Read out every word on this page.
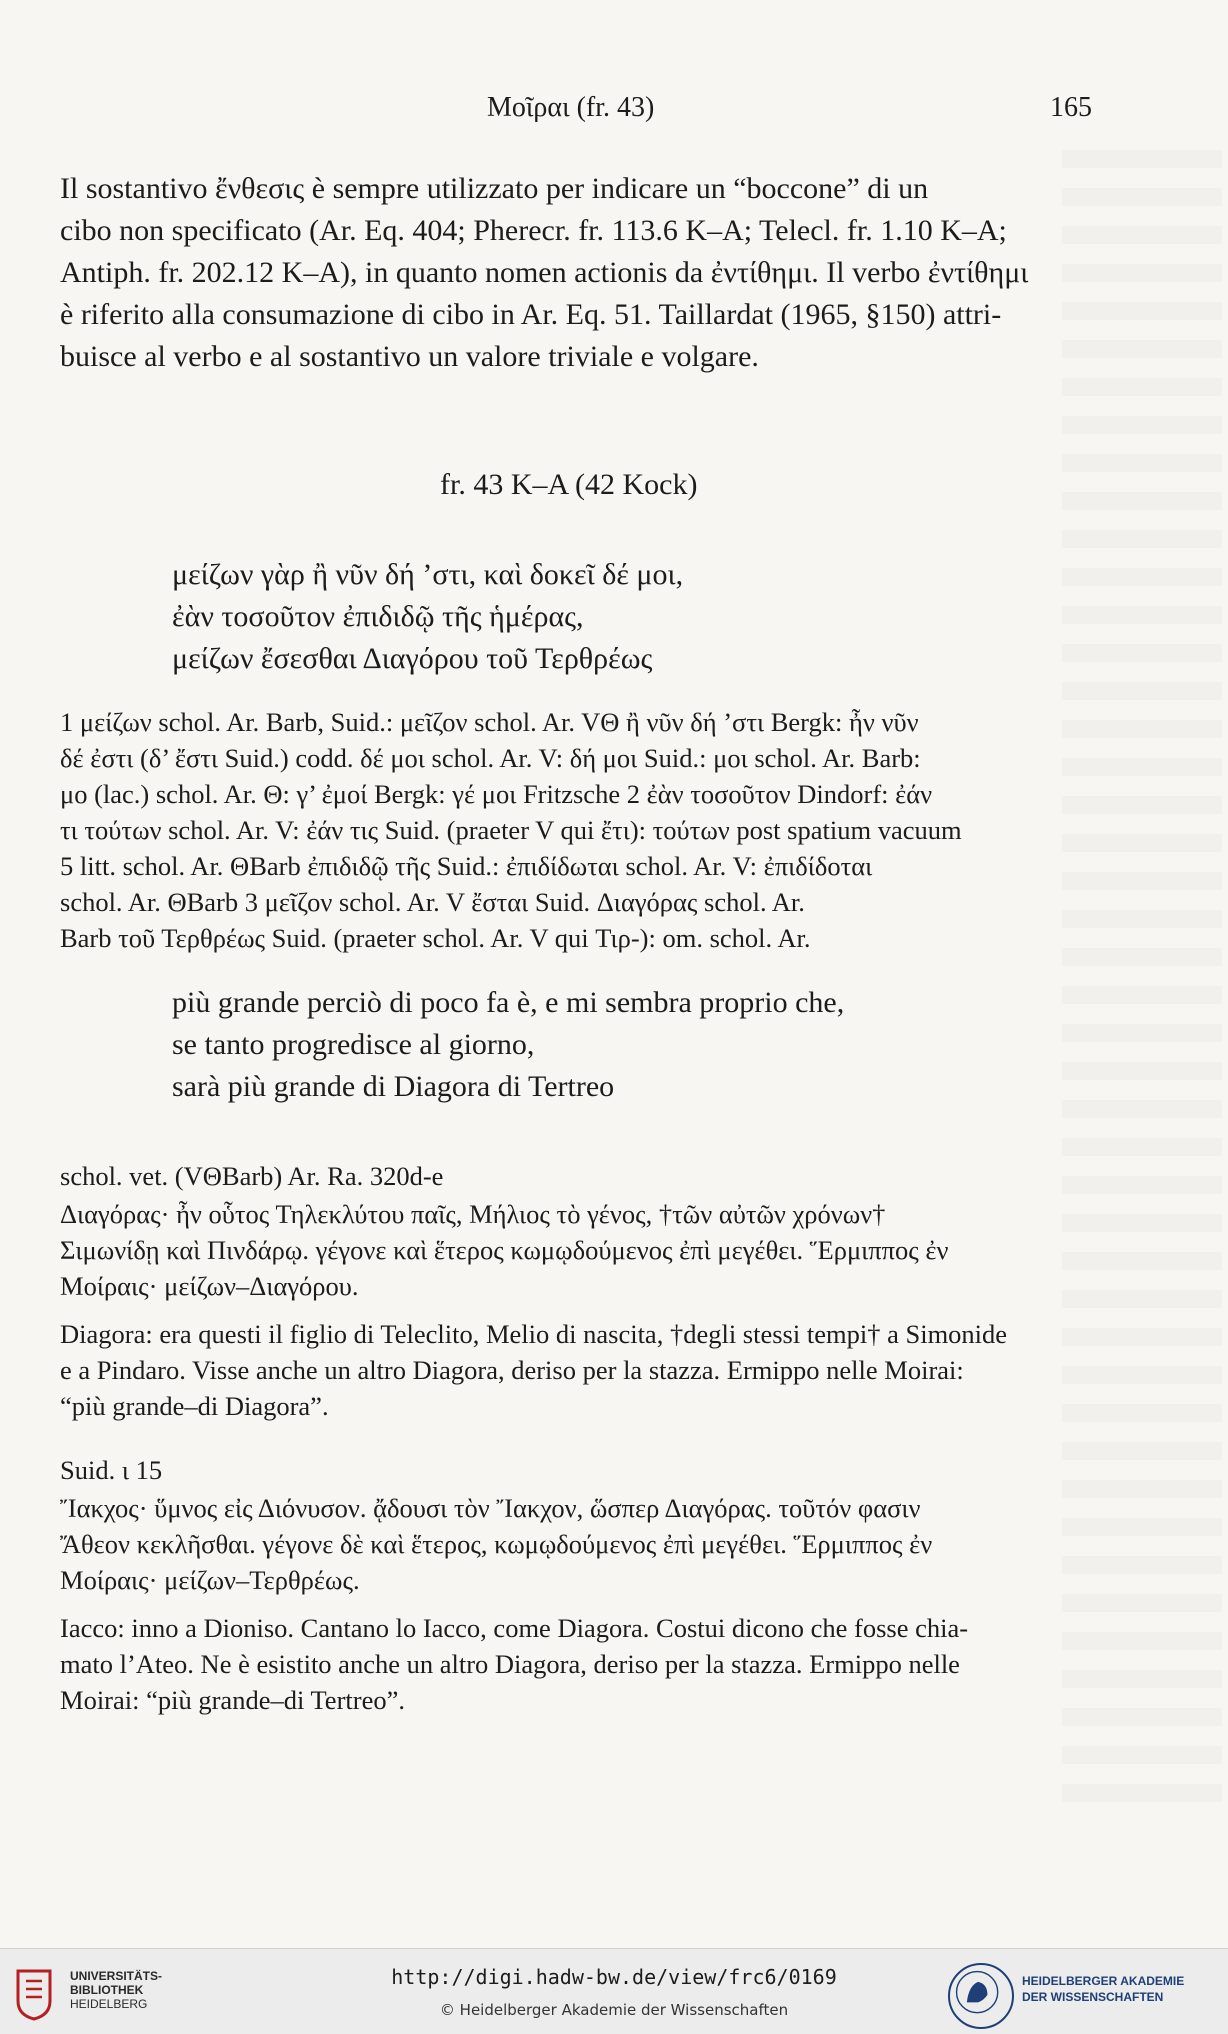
Μοῖραι (fr. 43)	165
Il sostantivo ἔνθεσις è sempre utilizzato per indicare un “boccone” di un
cibo non specificato (Ar. Eq. 404; Pherecr. fr. 113.6 K–A; Telecl. fr. 1.10 K–A;
Antiph. fr. 202.12 K–A), in quanto nomen actionis da ἐντίθημι. Il verbo ἐντίθημι
è riferito alla consumazione di cibo in Ar. Eq. 51. Taillardat (1965, §150) attri-
buisce al verbo e al sostantivo un valore triviale e volgare.
fr. 43 K–A (42 Kock)
μείζων γὰρ ἢ νῦν δή ’στι, καὶ δοκεῖ δέ μοι,
ἐὰν τοσοῦτον ἐπιδιδῷ τῆς ἡμέρας,
μείζων ἔσεσθαι Διαγόρου τοῦ Τερθρέως
1 μείζων schol. Ar. Barb, Suid.: μεῖζον schol. Ar. VΘ ἢ νῦν δή ’στι Bergk: ἦν νῦν
δέ ἐστι (δ’ ἔστι Suid.) codd. δέ μοι schol. Ar. V: δή μοι Suid.: μοι schol. Ar. Barb:
μο (lac.) schol. Ar. Θ: γ’ ἐμοί Bergk: γέ μοι Fritzsche 2 ἐὰν τοσοῦτον Dindorf: ἐάν
τι τούτων schol. Ar. V: ἐάν τις Suid. (praeter V qui ἔτι): τούτων post spatium vacuum
5 litt. schol. Ar. ΘBarb ἐπιδιδῷ τῆς Suid.: ἐπιδίδωται schol. Ar. V: ἐπιδίδοται
schol. Ar. ΘBarb 3 μεῖζον schol. Ar. V ἔσται Suid. Διαγόρας schol. Ar.
Barb τοῦ Τερθρέως Suid. (praeter schol. Ar. V qui Τιρ-): om. schol. Ar.
più grande perciò di poco fa è, e mi sembra proprio che,
se tanto progredisce al giorno,
sarà più grande di Diagora di Tertreo
schol. vet. (VΘBarb) Ar. Ra. 320d-e
Διαγόρας· ἦν οὗτος Τηλεκλύτου παῖς, Μήλιος τὸ γένος, †τῶν αὐτῶν χρόνων†
Σιμωνίδῃ καὶ Πινδάρῳ. γέγονε καὶ ἕτερος κωμῳδούμενος ἐπὶ μεγέθει. Ἕρμιππος ἐν
Μοίραις· μείζων–Διαγόρου.
Diagora: era questi il figlio di Teleclito, Melio di nascita, †degli stessi tempi† a Simonide
e a Pindaro. Visse anche un altro Diagora, deriso per la stazza. Ermippo nelle Moirai:
“più grande–di Diagora”.
Suid. ι 15
Ἴακχος· ὕμνος εἰς Διόνυσον. ᾄδουσι τὸν Ἴακχον, ὥσπερ Διαγόρας. τοῦτόν φασιν
Ἄθεον κεκλῆσθαι. γέγονε δὲ καὶ ἕτερος, κωμῳδούμενος ἐπὶ μεγέθει. Ἕρμιππος ἐν
Μοίραις· μείζων–Τερθρέως.
Iacco: inno a Dioniso. Cantano lo Iacco, come Diagora. Costui dicono che fosse chia-
mato l’Ateo. Ne è esistito anche un altro Diagora, deriso per la stazza. Ermippo nelle
Moirai: “più grande–di Tertreo”.
UNIVERSITÄTS-
BIBLIOTHEK
HEIDELBERG
http://digi.hadw-bw.de/view/frc6/0169
© Heidelberger Akademie der Wissenschaften
HEIDELBERGER AKADEMIE
DER WISSENSCHAFTEN
